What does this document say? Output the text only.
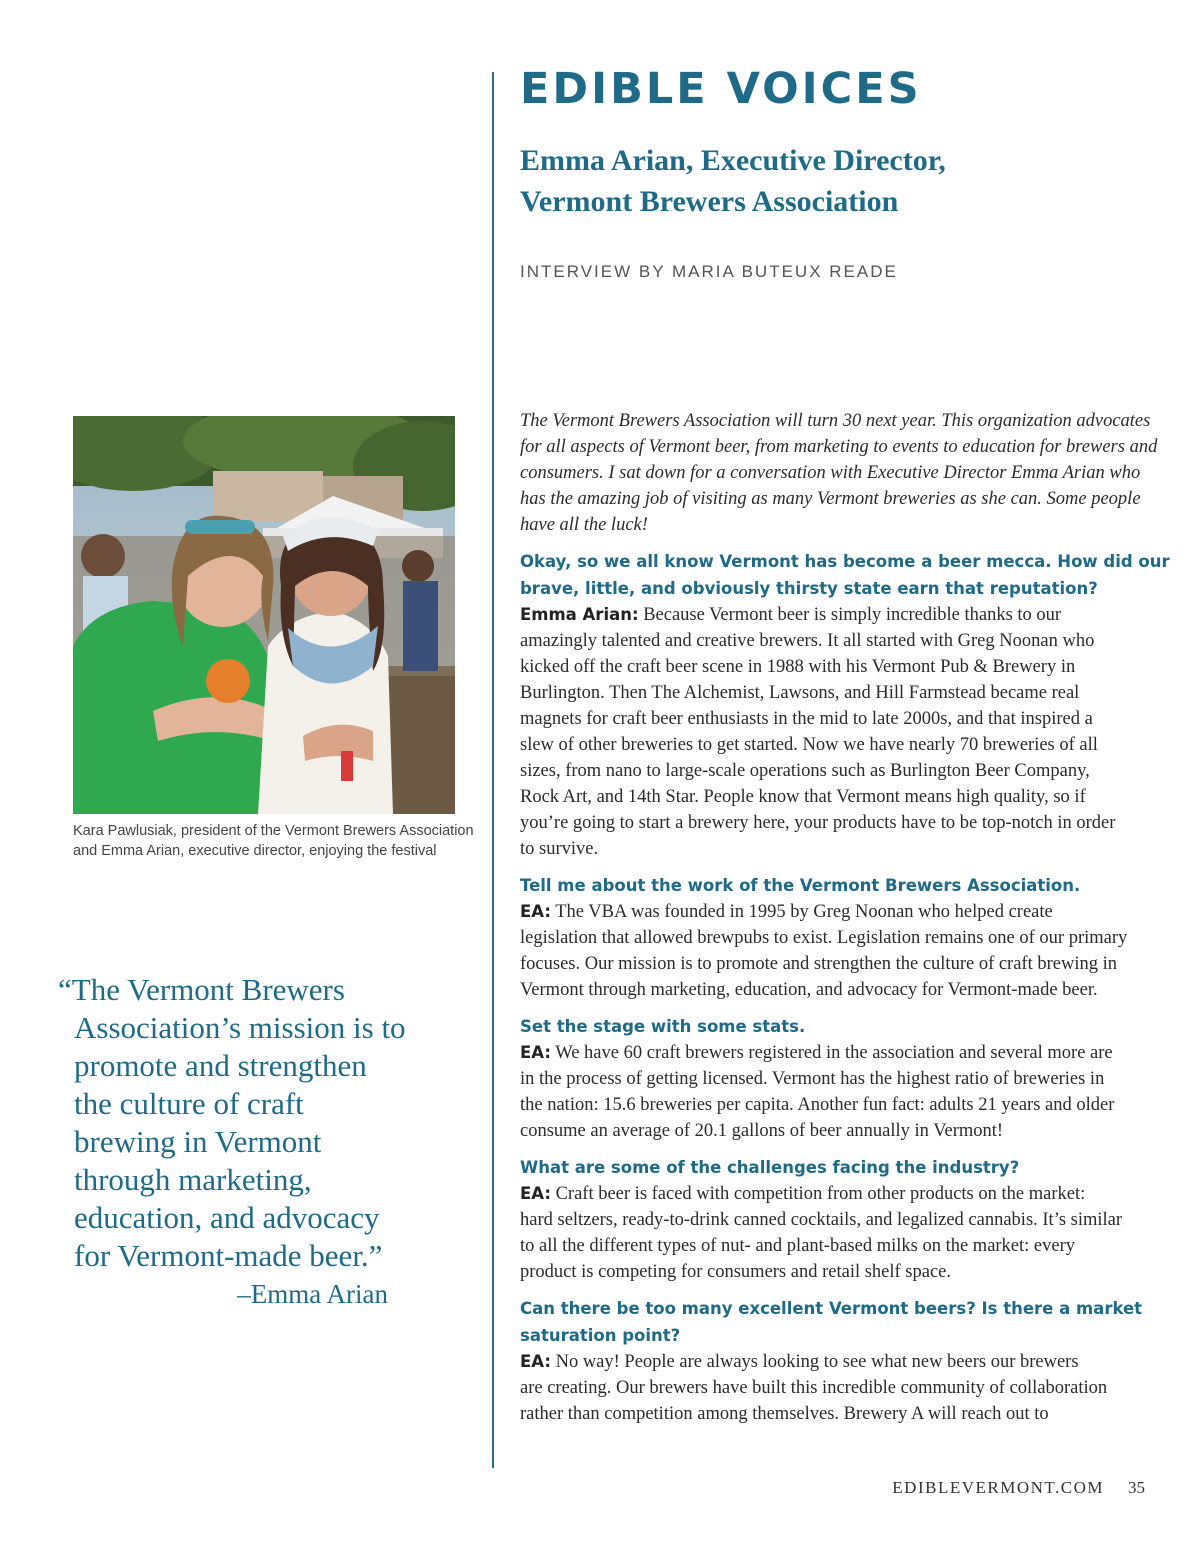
EDIBLE VOICES
Emma Arian, Executive Director,
Vermont Brewers Association
INTERVIEW BY MARIA BUTEUX READE
Kara Pawlusiak, president of the Vermont Brewers Association
and Emma Arian, executive director, enjoying the festival
“The Vermont Brewers
Association’s mission is to
promote and strengthen
the culture of craft
brewing in Vermont
through marketing,
education, and advocacy
for Vermont-made beer.”
–Emma Arian

The Vermont Brewers Association will turn 30 next year. This organization advocates
for all aspects of Vermont beer, from marketing to events to education for brewers and
consumers. I sat down for a conversation with Executive Director Emma Arian who
has the amazing job of visiting as many Vermont breweries as she can. Some people
have all the luck!

Okay, so we all know Vermont has become a beer mecca. How did our
brave, little, and obviously thirsty state earn that reputation?

Emma Arian: Because Vermont beer is simply incredible thanks to our
amazingly talented and creative brewers. It all started with Greg Noonan who
kicked off the craft beer scene in 1988 with his Vermont Pub & Brewery in
Burlington. Then The Alchemist, Lawsons, and Hill Farmstead became real
magnets for craft beer enthusiasts in the mid to late 2000s, and that inspired a
slew of other breweries to get started. Now we have nearly 70 breweries of all
sizes, from nano to large-scale operations such as Burlington Beer Company,
Rock Art, and 14th Star. People know that Vermont means high quality, so if
you’re going to start a brewery here, your products have to be top-notch in order
to survive.

Tell me about the work of the Vermont Brewers Association.

EA: The VBA was founded in 1995 by Greg Noonan who helped create
legislation that allowed brewpubs to exist. Legislation remains one of our primary
focuses. Our mission is to promote and strengthen the culture of craft brewing in
Vermont through marketing, education, and advocacy for Vermont-made beer.

Set the stage with some stats.

EA: We have 60 craft brewers registered in the association and several more are
in the process of getting licensed. Vermont has the highest ratio of breweries in
the nation: 15.6 breweries per capita. Another fun fact: adults 21 years and older
consume an average of 20.1 gallons of beer annually in Vermont!

What are some of the challenges facing the industry?

EA: Craft beer is faced with competition from other products on the market:
hard seltzers, ready-to-drink canned cocktails, and legalized cannabis. It’s similar
to all the different types of nut- and plant-based milks on the market: every
product is competing for consumers and retail shelf space.

Can there be too many excellent Vermont beers? Is there a market
saturation point?

EA: No way! People are always looking to see what new beers our brewers
are creating. Our brewers have built this incredible community of collaboration
rather than competition among themselves. Brewery A will reach out to

EDIBLEVERMONT.COM 35
